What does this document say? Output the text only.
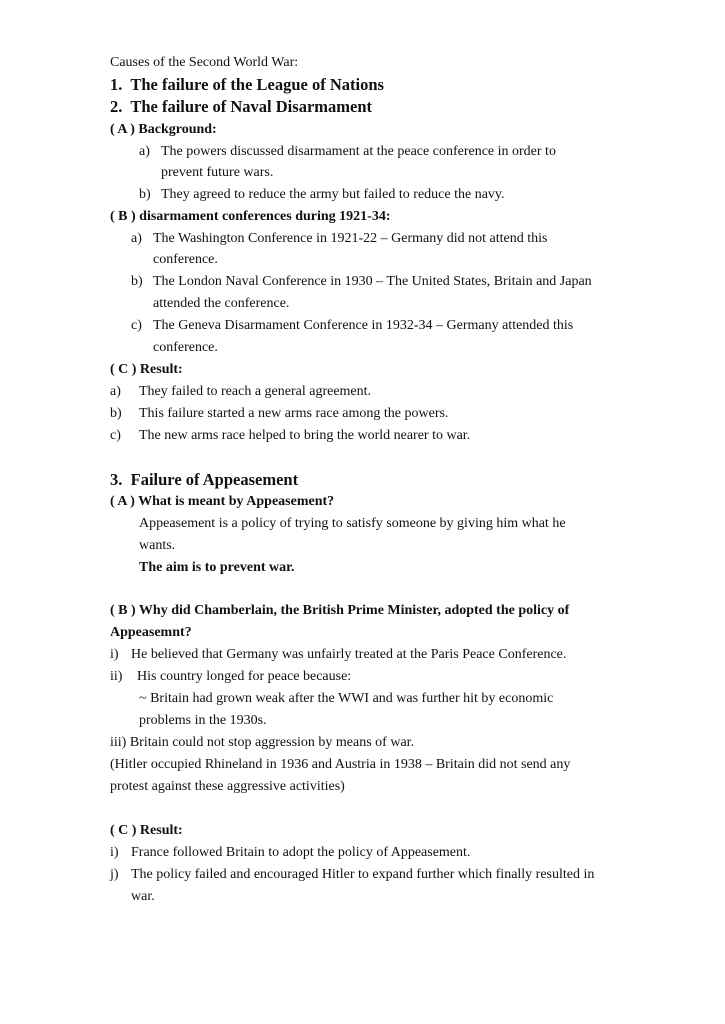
Causes of the Second World War:
1. The failure of the League of Nations
2. The failure of Naval Disarmament
( A ) Background:
a) The powers discussed disarmament at the peace conference in order to
prevent future wars.
b) They agreed to reduce the army but failed to reduce the navy.
( B ) disarmament conferences during 1921-34:
a) The Washington Conference in 1921-22 – Germany did not attend this
conference.
b) The London Naval Conference in 1930 – The United States, Britain and Japan
attended the conference.
c) The Geneva Disarmament Conference in 1932-34 – Germany attended this
conference.
( C ) Result:
a) They failed to reach a general agreement.
b) This failure started a new arms race among the powers.
c) The new arms race helped to bring the world nearer to war.
3. Failure of Appeasement
( A ) What is meant by Appeasement?
Appeasement is a policy of trying to satisfy someone by giving him what he
wants.
The aim is to prevent war.
( B ) Why did Chamberlain, the British Prime Minister, adopted the policy of
Appeasemnt?
i) He believed that Germany was unfairly treated at the Paris Peace Conference.
ii) His country longed for peace because:
~ Britain had grown weak after the WWI and was further hit by economic
problems in the 1930s.
iii) Britain could not stop aggression by means of war.
(Hitler occupied Rhineland in 1936 and Austria in 1938 – Britain did not send any
protest against these aggressive activities)
( C ) Result:
i) France followed Britain to adopt the policy of Appeasement.
j) The policy failed and encouraged Hitler to expand further which finally resulted in
war.
